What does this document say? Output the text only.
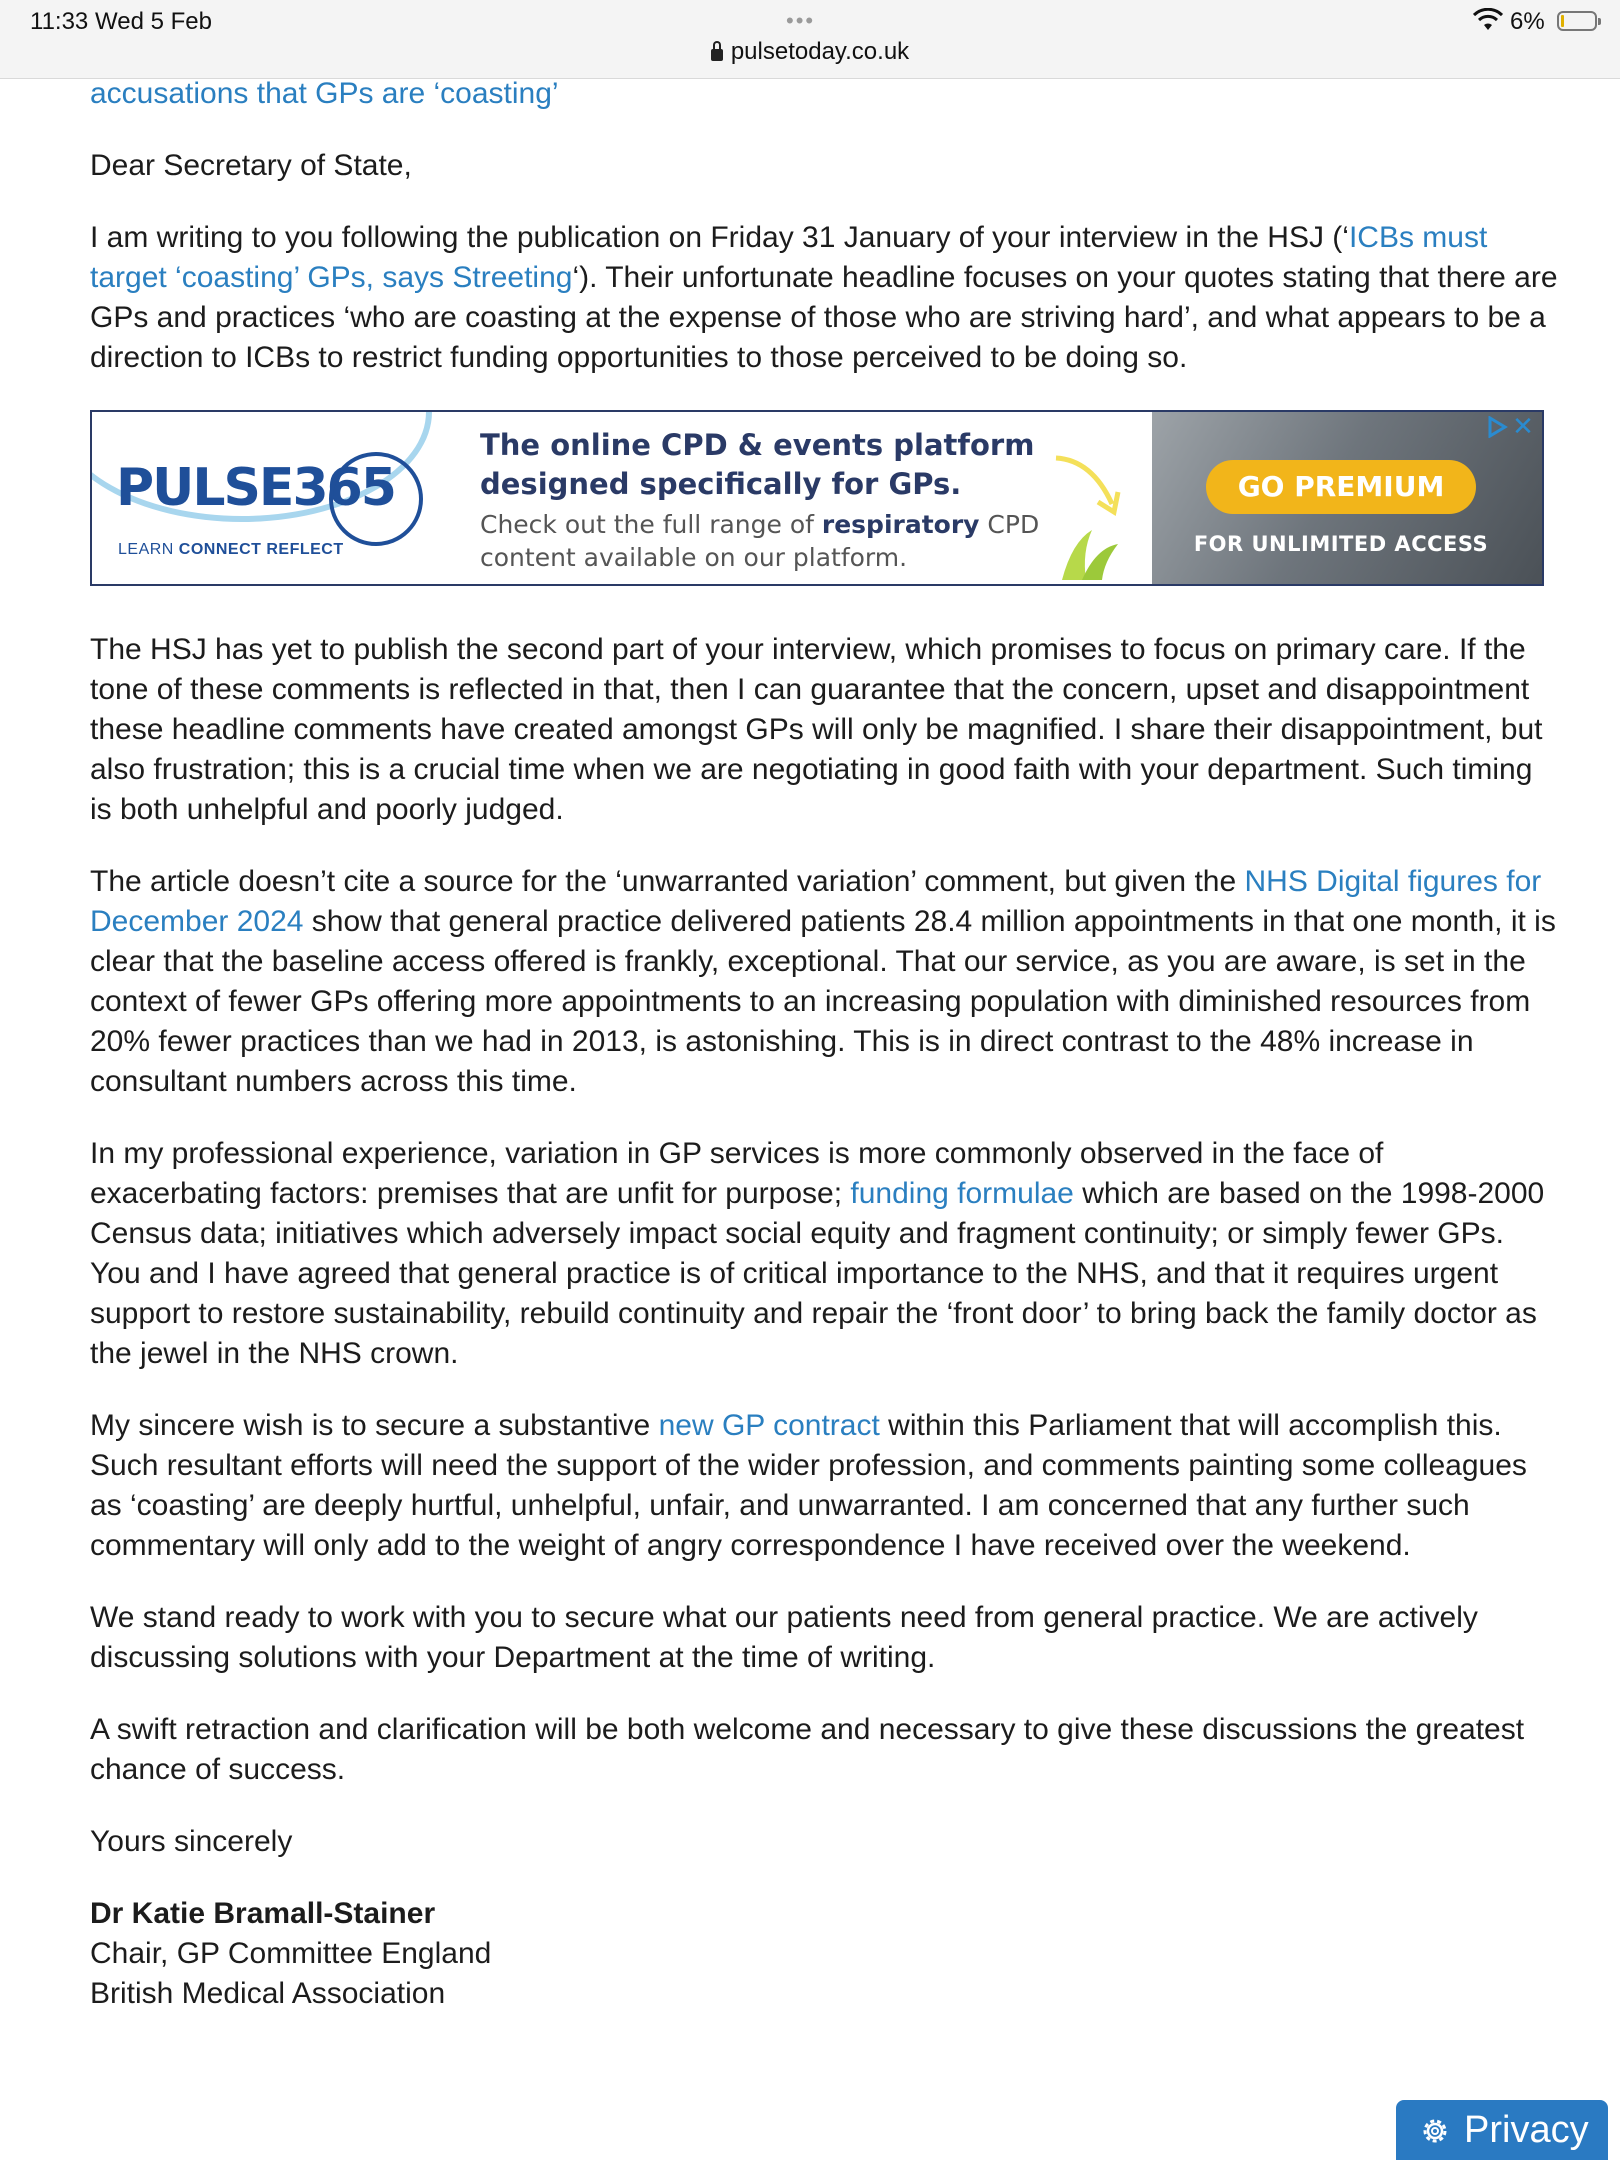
11:33 Wed 5 Feb	•••	6%
pulsetoday.co.uk

accusations that GPs are ‘coasting’

Dear Secretary of State,

I am writing to you following the publication on Friday 31 January of your interview in the HSJ (‘ICBs must target ‘coasting’ GPs, says Streeting‘). Their unfortunate headline focuses on your quotes stating that there are GPs and practices ‘who are coasting at the expense of those who are striving hard’, and what appears to be a direction to ICBs to restrict funding opportunities to those perceived to be doing so.

PULSE365
LEARN CONNECT REFLECT
The online CPD & events platform designed specifically for GPs.
Check out the full range of respiratory CPD content available on our platform.
GO PREMIUM
FOR UNLIMITED ACCESS
✕

The HSJ has yet to publish the second part of your interview, which promises to focus on primary care. If the tone of these comments is reflected in that, then I can guarantee that the concern, upset and disappointment these headline comments have created amongst GPs will only be magnified. I share their disappointment, but also frustration; this is a crucial time when we are negotiating in good faith with your department. Such timing is both unhelpful and poorly judged.

The article doesn’t cite a source for the ‘unwarranted variation’ comment, but given the NHS Digital figures for December 2024 show that general practice delivered patients 28.4 million appointments in that one month, it is clear that the baseline access offered is frankly, exceptional. That our service, as you are aware, is set in the context of fewer GPs offering more appointments to an increasing population with diminished resources from 20% fewer practices than we had in 2013, is astonishing. This is in direct contrast to the 48% increase in consultant numbers across this time.

In my professional experience, variation in GP services is more commonly observed in the face of exacerbating factors: premises that are unfit for purpose; funding formulae which are based on the 1998-2000 Census data; initiatives which adversely impact social equity and fragment continuity; or simply fewer GPs. You and I have agreed that general practice is of critical importance to the NHS, and that it requires urgent support to restore sustainability, rebuild continuity and repair the ‘front door’ to bring back the family doctor as the jewel in the NHS crown.

My sincere wish is to secure a substantive new GP contract within this Parliament that will accomplish this. Such resultant efforts will need the support of the wider profession, and comments painting some colleagues as ‘coasting’ are deeply hurtful, unhelpful, unfair, and unwarranted. I am concerned that any further such commentary will only add to the weight of angry correspondence I have received over the weekend.

We stand ready to work with you to secure what our patients need from general practice. We are actively discussing solutions with your Department at the time of writing.

A swift retraction and clarification will be both welcome and necessary to give these discussions the greatest chance of success.

Yours sincerely

Dr Katie Bramall-Stainer

Chair, GP Committee England

British Medical Association

Privacy
